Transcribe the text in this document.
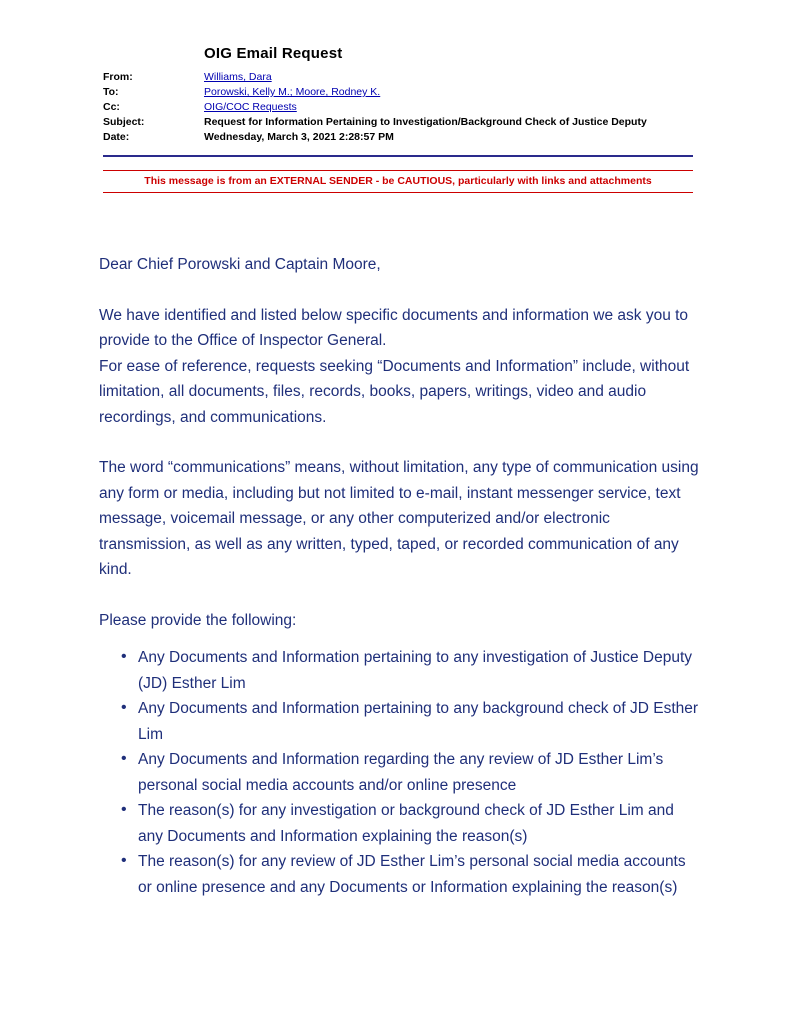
OIG Email Request
From:	Williams, Dara
To:	Porowski, Kelly M.; Moore, Rodney K.
Cc:	OIG/COC Requests
Subject:	Request for Information Pertaining to Investigation/Background Check of Justice Deputy
Date:	Wednesday, March 3, 2021 2:28:57 PM
This message is from an EXTERNAL SENDER - be CAUTIOUS, particularly with links and attachments

Dear Chief Porowski and Captain Moore,

We have identified and listed below specific documents and information we ask you to provide to the Office of Inspector General.

For ease of reference, requests seeking “Documents and Information” include, without limitation, all documents, files, records, books, papers, writings, video and audio recordings, and communications.

The word “communications” means, without limitation, any type of communication using any form or media, including but not limited to e-mail, instant messenger service, text message, voicemail message, or any other computerized and/or electronic transmission, as well as any written, typed, taped, or recorded communication of any kind.

Please provide the following:

• Any Documents and Information pertaining to any investigation of Justice Deputy (JD) Esther Lim
• Any Documents and Information pertaining to any background check of JD Esther Lim
• Any Documents and Information regarding the any review of JD Esther Lim’s personal social media accounts and/or online presence
• The reason(s) for any investigation or background check of JD Esther Lim and any Documents and Information explaining the reason(s)
• The reason(s) for any review of JD Esther Lim’s personal social media accounts or online presence and any Documents or Information explaining the reason(s)
